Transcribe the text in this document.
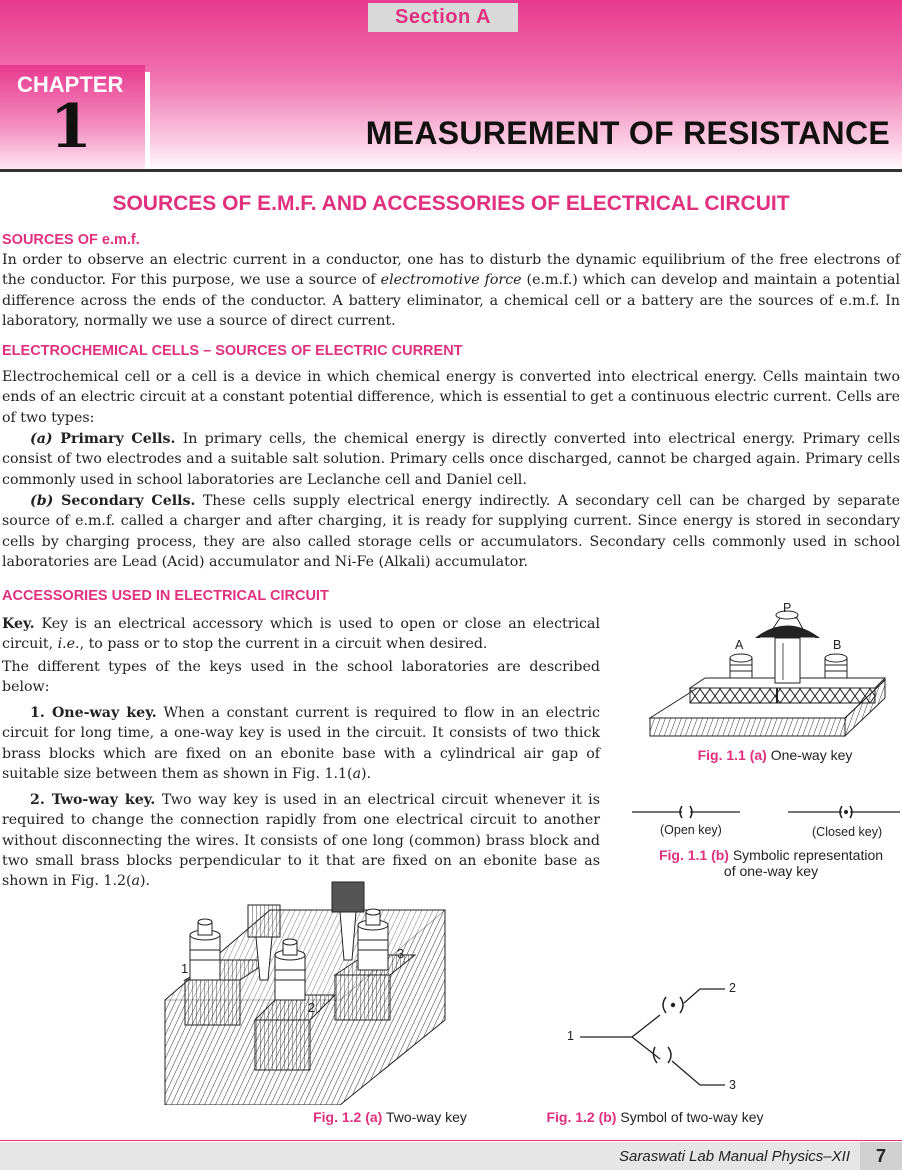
Section A
CHAPTER
1	MEASUREMENT OF RESISTANCE
SOURCES OF E.M.F. AND ACCESSORIES OF ELECTRICAL CIRCUIT
SOURCES OF e.m.f.

In order to observe an electric current in a conductor, one has to disturb the dynamic equilibrium of the free electrons of the conductor. For this purpose, we use a source of electromotive force (e.m.f.) which can develop and maintain a potential difference across the ends of the conductor. A battery eliminator, a chemical cell or a battery are the sources of e.m.f. In laboratory, normally we use a source of direct current.

ELECTROCHEMICAL CELLS – SOURCES OF ELECTRIC CURRENT

Electrochemical cell or a cell is a device in which chemical energy is converted into electrical energy. Cells maintain two ends of an electric circuit at a constant potential difference, which is essential to get a continuous electric current. Cells are of two types:

(a) Primary Cells. In primary cells, the chemical energy is directly converted into electrical energy. Primary cells consist of two electrodes and a suitable salt solution. Primary cells once discharged, cannot be charged again. Primary cells commonly used in school laboratories are Leclanche cell and Daniel cell.

(b) Secondary Cells. These cells supply electrical energy indirectly. A secondary cell can be charged by separate source of e.m.f. called a charger and after charging, it is ready for supplying current. Since energy is stored in secondary cells by charging process, they are also called storage cells or accumulators. Secondary cells commonly used in school laboratories are Lead (Acid) accumulator and Ni-Fe (Alkali) accumulator.

ACCESSORIES USED IN ELECTRICAL CIRCUIT

Key. Key is an electrical accessory which is used to open or close an electrical circuit, i.e., to pass or to stop the current in a circuit when desired.

The different types of the keys used in the school laboratories are described below:

1. One-way key. When a constant current is required to flow in an electric circuit for long time, a one-way key is used in the circuit. It consists of two thick brass blocks which are fixed on an ebonite base with a cylindrical air gap of suitable size between them as shown in Fig. 1.1(a).

2. Two-way key. Two way key is used in an electrical circuit whenever it is required to change the connection rapidly from one electrical circuit to another without disconnecting the wires. It consists of one long (common) brass block and two small brass blocks perpendicular to it that are fixed on an ebonite base as shown in Fig. 1.2(a).

P
A	B
Fig. 1.1 (a) One-way key
(Open key)	(Closed key)
Fig. 1.1 (b) Symbolic representation
of one-way key
1
2
3
Fig. 1.2 (a) Two-way key
1
2
3
Fig. 1.2 (b) Symbol of two-way key
Saraswati Lab Manual Physics–XII	7
